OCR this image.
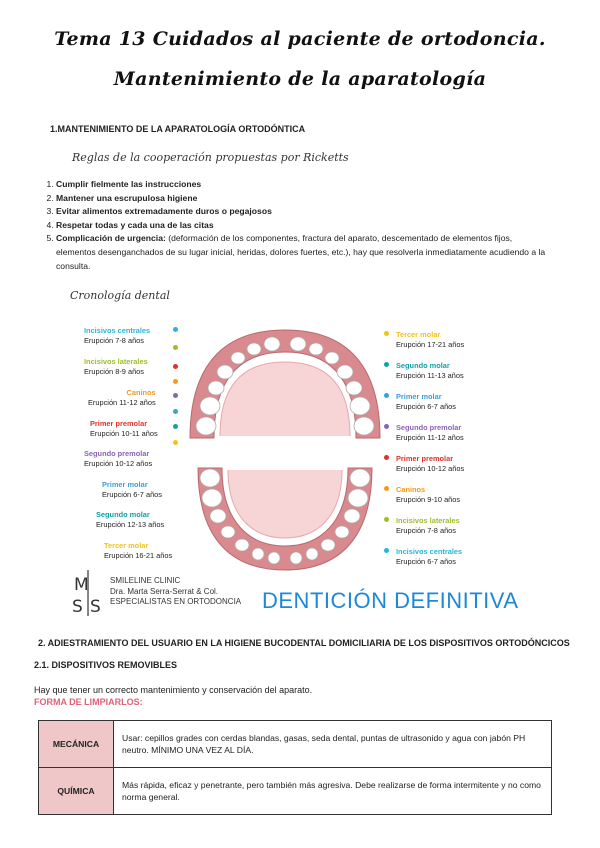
Tema 13 Cuidados al paciente de ortodoncia.
Mantenimiento de la aparatología
1.MANTENIMIENTO DE LA APARATOLOGÍA ORTODÓNTICA
Reglas de la cooperación propuestas por Ricketts
1. Cumplir fielmente las instrucciones
2. Mantener una escrupulosa higiene
3. Evitar alimentos extremadamente duros o pegajosos
4. Respetar todas y cada una de las citas
5. Complicación de urgencia: (deformación de los componentes, fractura del aparato, descementado de elementos fijos, elementos desenganchados de su lugar inicial, heridas, dolores fuertes, etc.), hay que resolverla inmediatamente acudiendo a la consulta.
Cronología dental
Incisivos centrales
Erupción 7-8 años
Incisivos laterales
Erupción 8-9 años
Caninos
Erupción 11-12 años
Primer premolar
Erupción 10-11 años
Segundo premolar
Erupción 10-12 años
Primer molar
Erupción 6-7 años
Segundo molar
Erupción 12-13 años
Tercer molar
Erupción 16-21 años
Tercer molar
Erupción 17-21 años
Segundo molar
Erupción 11-13 años
Primer molar
Erupción 6-7 años
Segundo premolar
Erupción 11-12 años
Primer premolar
Erupción 10-12 años
Caninos
Erupción 9-10 años
Incisivos laterales
Erupción 7-8 años
Incisivos centrales
Erupción 6-7 años
M
S S
SMILELINE CLINIC
Dra. Marta Serra-Serrat & Col.
ESPECIALISTAS EN ORTODONCIA DENTICIÓN DEFINITIVA
2. ADIESTRAMIENTO DEL USUARIO EN LA HIGIENE BUCODENTAL DOMICILIARIA DE LOS DISPOSITIVOS ORTODÓNCICOS
2.1. DISPOSITIVOS REMOVIBLES
Hay que tener un correcto mantenimiento y conservación del aparato.
FORMA DE LIMPIARLOS:
MECÁNICA	Usar: cepillos grades con cerdas blandas, gasas, seda dental, puntas de ultrasonido y agua con jabón PH neutro. MÍNIMO UNA VEZ AL DÍA.
QUÍMICA	Más rápida, eficaz y penetrante, pero también más agresiva. Debe realizarse de forma intermitente y no como norma general.
